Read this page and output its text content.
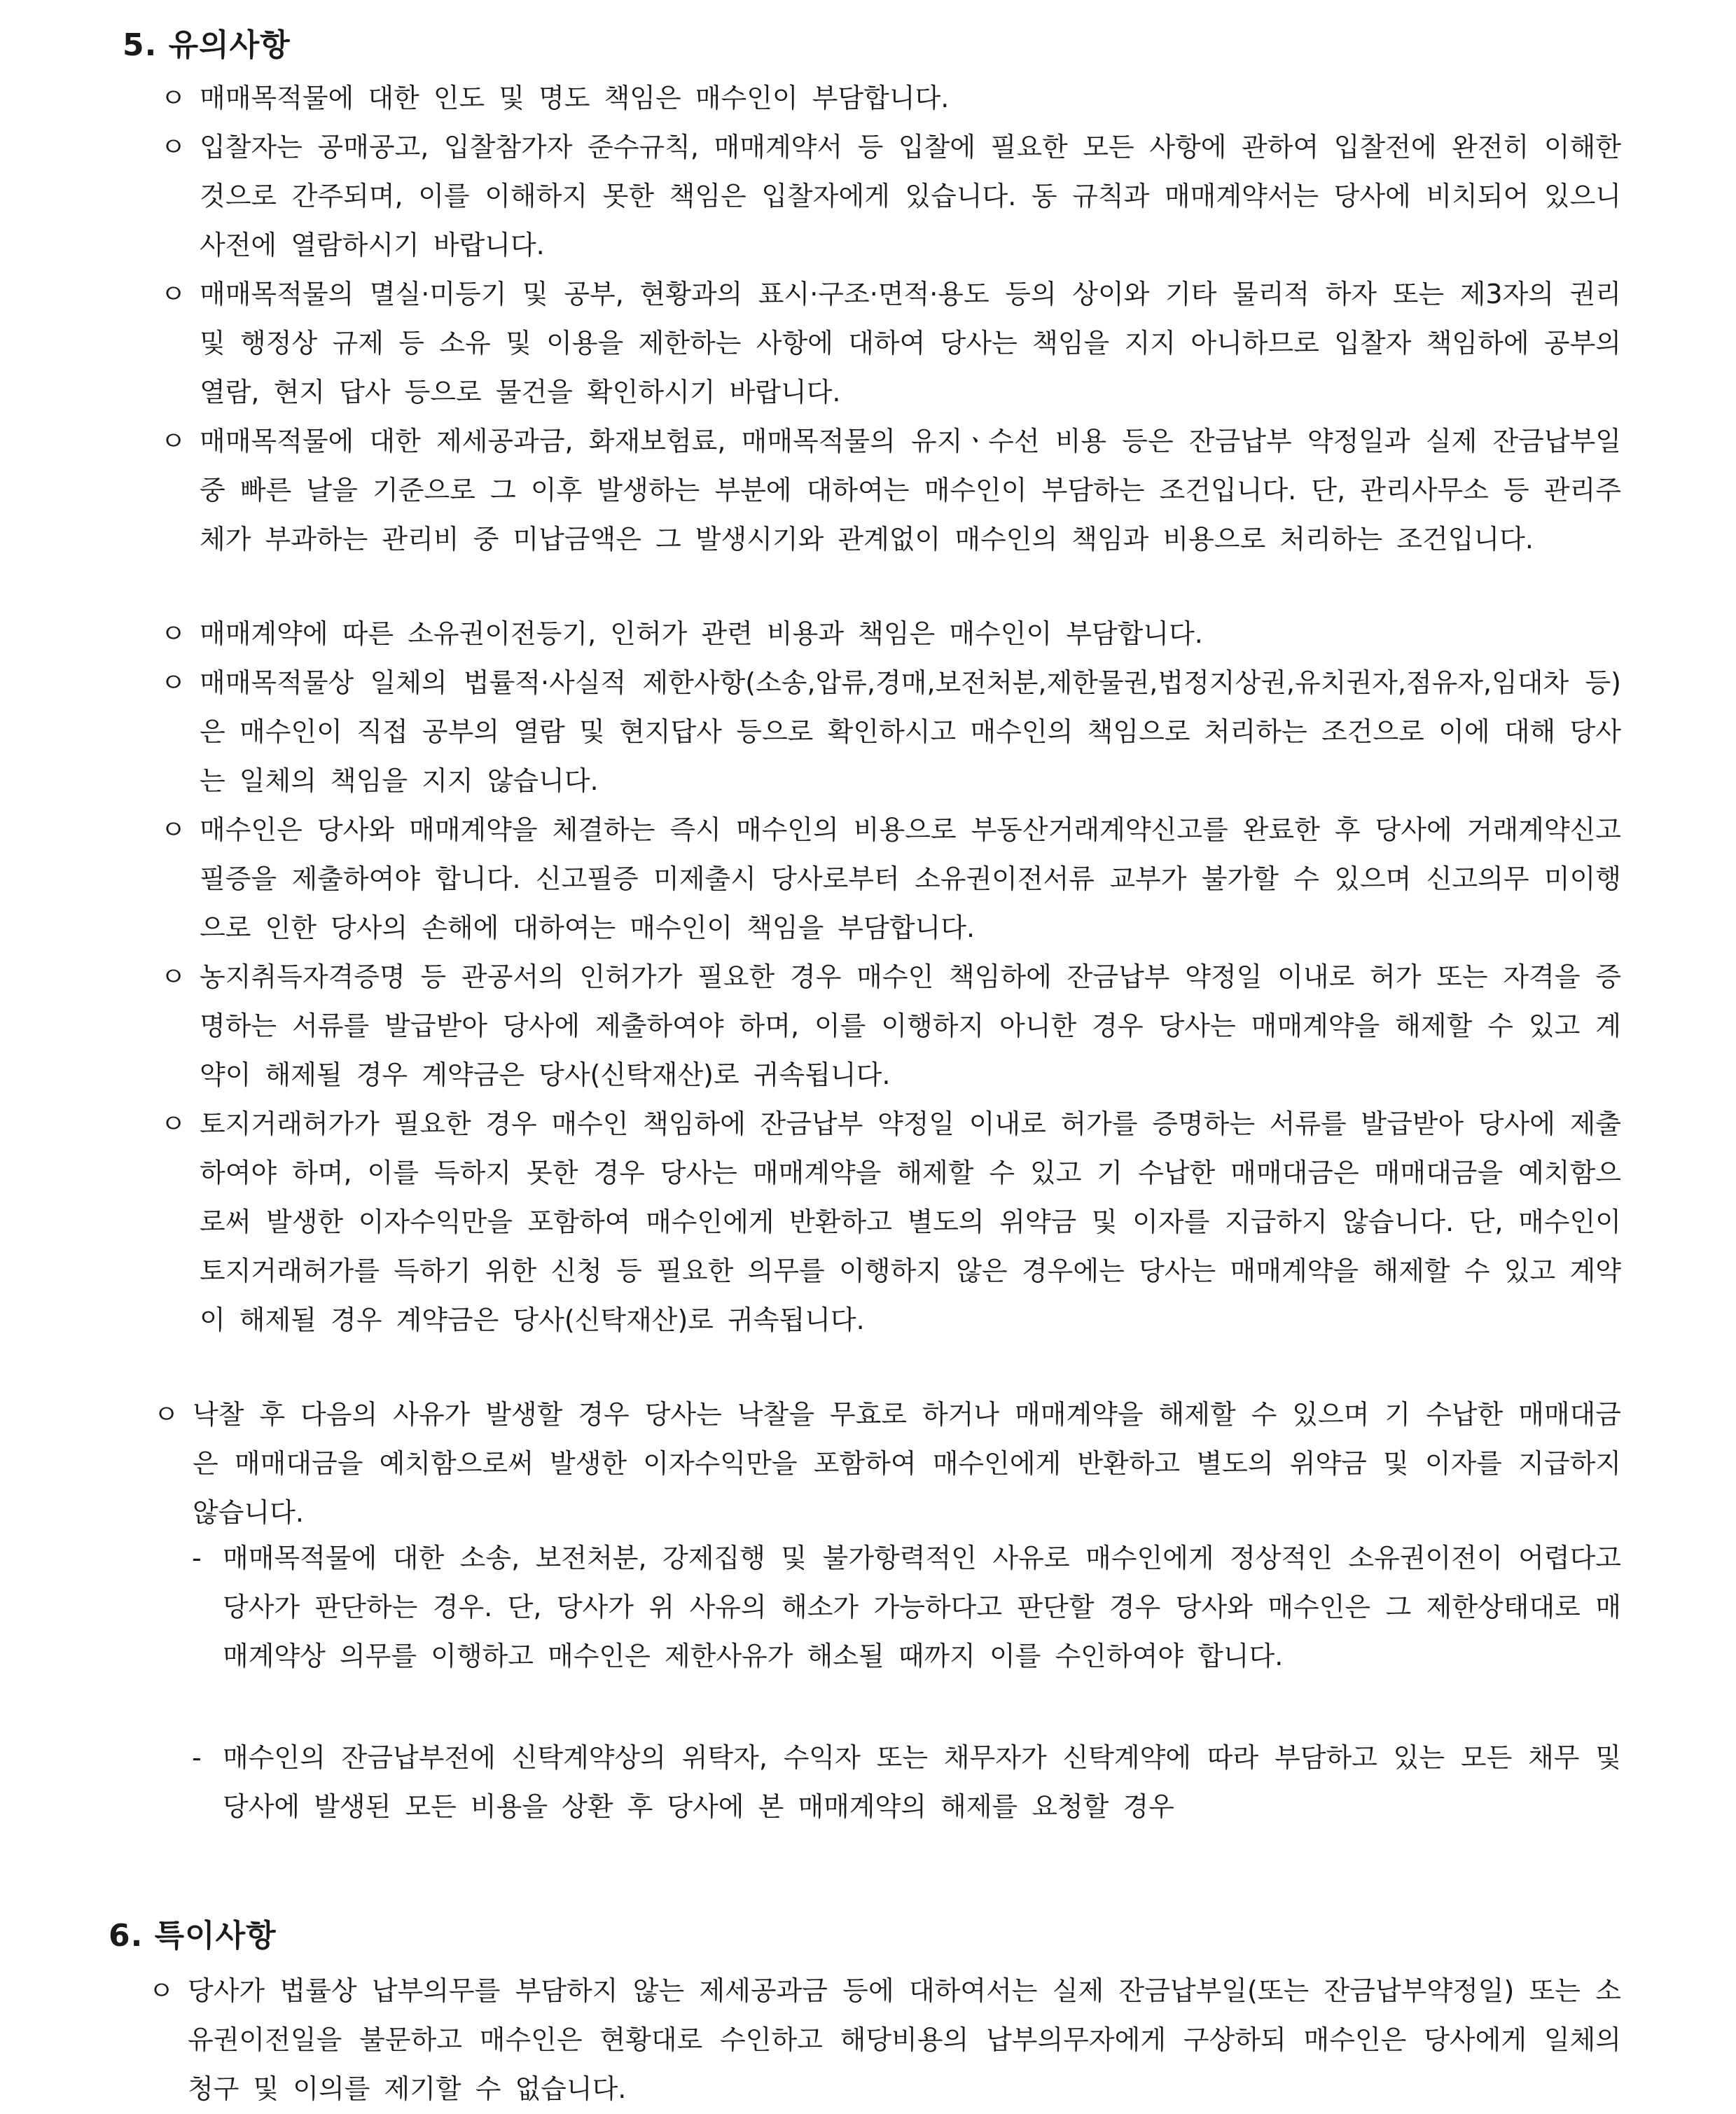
5. 유의사항
ㅇ 매매목적물에 대한 인도 및 명도 책임은 매수인이 부담합니다.
ㅇ 입찰자는 공매공고, 입찰참가자 준수규칙, 매매계약서 등 입찰에 필요한 모든 사항에 관하여 입찰전에 완전히 이해한 것으로 간주되며, 이를 이해하지 못한 책임은 입찰자에게 있습니다. 동 규칙과 매매계약서는 당사에 비치되어 있으니 사전에 열람하시기 바랍니다.
ㅇ 매매목적물의 멸실·미등기 및 공부, 현황과의 표시·구조·면적·용도 등의 상이와 기타 물리적 하자 또는 제3자의 권리 및 행정상 규제 등 소유 및 이용을 제한하는 사항에 대하여 당사는 책임을 지지 아니하므로 입찰자 책임하에 공부의 열람, 현지 답사 등으로 물건을 확인하시기 바랍니다.
ㅇ 매매목적물에 대한 제세공과금, 화재보험료, 매매목적물의 유지ㆍ수선 비용 등은 잔금납부 약정일과 실제 잔금납부일 중 빠른 날을 기준으로 그 이후 발생하는 부분에 대하여는 매수인이 부담하는 조건입니다. 단, 관리사무소 등 관리주체가 부과하는 관리비 중 미납금액은 그 발생시기와 관계없이 매수인의 책임과 비용으로 처리하는 조건입니다.
ㅇ 매매계약에 따른 소유권이전등기, 인허가 관련 비용과 책임은 매수인이 부담합니다.
ㅇ 매매목적물상 일체의 법률적·사실적 제한사항(소송,압류,경매,보전처분,제한물권,법정지상권,유치권자,점유자,임대차 등)은 매수인이 직접 공부의 열람 및 현지답사 등으로 확인하시고 매수인의 책임으로 처리하는 조건으로 이에 대해 당사는 일체의 책임을 지지 않습니다.
ㅇ 매수인은 당사와 매매계약을 체결하는 즉시 매수인의 비용으로 부동산거래계약신고를 완료한 후 당사에 거래계약신고필증을 제출하여야 합니다. 신고필증 미제출시 당사로부터 소유권이전서류 교부가 불가할 수 있으며 신고의무 미이행으로 인한 당사의 손해에 대하여는 매수인이 책임을 부담합니다.
ㅇ 농지취득자격증명 등 관공서의 인허가가 필요한 경우 매수인 책임하에 잔금납부 약정일 이내로 허가 또는 자격을 증명하는 서류를 발급받아 당사에 제출하여야 하며, 이를 이행하지 아니한 경우 당사는 매매계약을 해제할 수 있고 계약이 해제될 경우 계약금은 당사(신탁재산)로 귀속됩니다.
ㅇ 토지거래허가가 필요한 경우 매수인 책임하에 잔금납부 약정일 이내로 허가를 증명하는 서류를 발급받아 당사에 제출하여야 하며, 이를 득하지 못한 경우 당사는 매매계약을 해제할 수 있고 기 수납한 매매대금은 매매대금을 예치함으로써 발생한 이자수익만을 포함하여 매수인에게 반환하고 별도의 위약금 및 이자를 지급하지 않습니다. 단, 매수인이 토지거래허가를 득하기 위한 신청 등 필요한 의무를 이행하지 않은 경우에는 당사는 매매계약을 해제할 수 있고 계약이 해제될 경우 계약금은 당사(신탁재산)로 귀속됩니다.
ㅇ 낙찰 후 다음의 사유가 발생할 경우 당사는 낙찰을 무효로 하거나 매매계약을 해제할 수 있으며 기 수납한 매매대금은 매매대금을 예치함으로써 발생한 이자수익만을 포함하여 매수인에게 반환하고 별도의 위약금 및 이자를 지급하지 않습니다.
- 매매목적물에 대한 소송, 보전처분, 강제집행 및 불가항력적인 사유로 매수인에게 정상적인 소유권이전이 어렵다고 당사가 판단하는 경우. 단, 당사가 위 사유의 해소가 가능하다고 판단할 경우 당사와 매수인은 그 제한상태대로 매매계약상 의무를 이행하고 매수인은 제한사유가 해소될 때까지 이를 수인하여야 합니다.
- 매수인의 잔금납부전에 신탁계약상의 위탁자, 수익자 또는 채무자가 신탁계약에 따라 부담하고 있는 모든 채무 및 당사에 발생된 모든 비용을 상환 후 당사에 본 매매계약의 해제를 요청할 경우
6. 특이사항
ㅇ 당사가 법률상 납부의무를 부담하지 않는 제세공과금 등에 대하여서는 실제 잔금납부일(또는 잔금납부약정일) 또는 소유권이전일을 불문하고 매수인은 현황대로 수인하고 해당비용의 납부의무자에게 구상하되 매수인은 당사에게 일체의 청구 및 이의를 제기할 수 없습니다.
